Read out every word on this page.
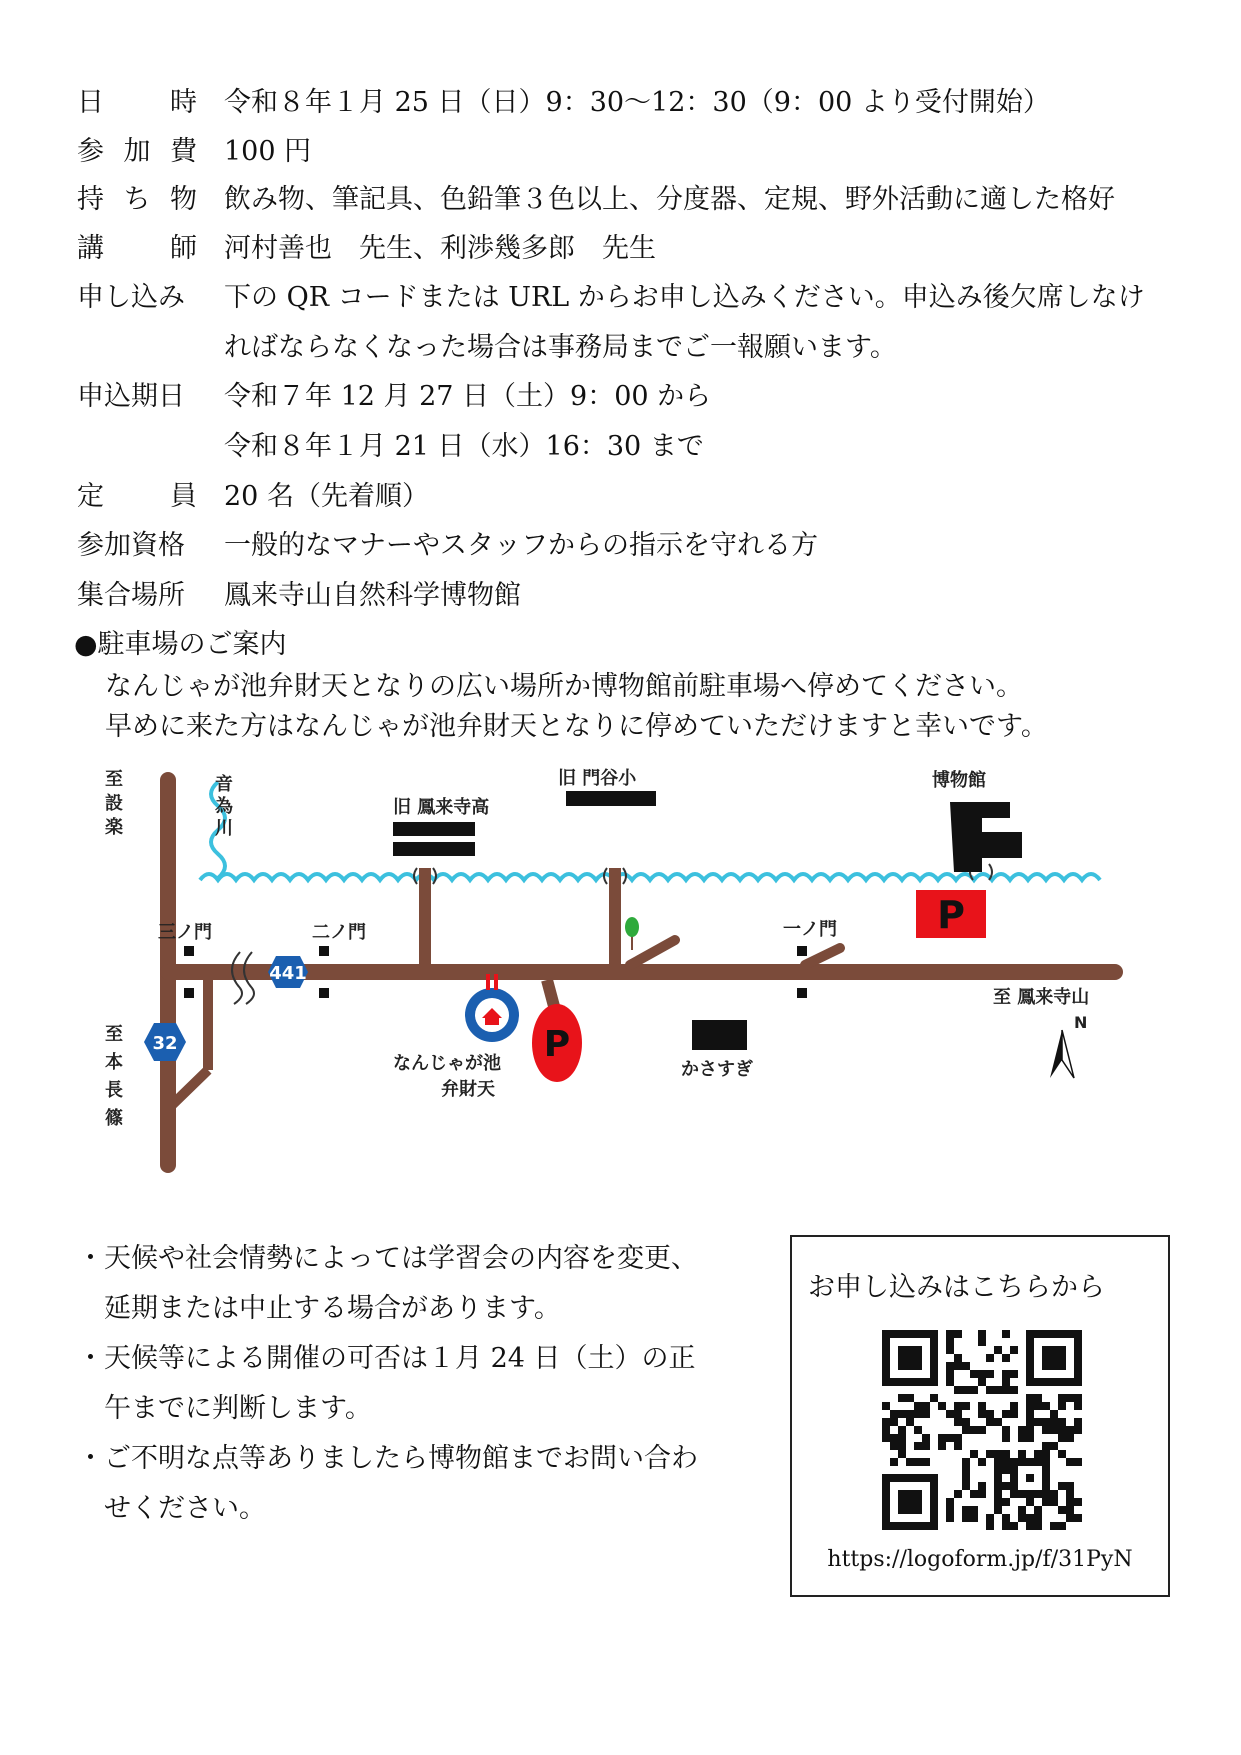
日 時 令和８年１月 25 日（日）9：30～12：30（9：00 より受付開始）
参 加 費 100 円
持 ち 物 飲み物、筆記具、色鉛筆３色以上、分度器、定規、野外活動に適した格好
講 師 河村善也　先生、利渉幾多郎　先生
申し込み 下の QR コードまたは URL からお申し込みください。申込み後欠席しなけ
ればならなくなった場合は事務局までご一報願います。
申込期日 令和７年 12 月 27 日（土）9：00 から
令和８年１月 21 日（水）16：30 まで
定 員 20 名（先着順）
参加資格 一般的なマナーやスタッフからの指示を守れる方
集合場所 鳳来寺山自然科学博物館
●駐車場のご案内
なんじゃが池弁財天となりの広い場所か博物館前駐車場へ停めてください。
早めに来た方はなんじゃが池弁財天となりに停めていただけますと幸いです。
441
32	P
P
N
至設楽
音為川
至本長篠
旧 鳳来寺高
旧 門谷小	博物館
三ノ門	二ノ門	一ノ門
至 鳳来寺山
なんじゃが池
弁財天
かさすぎ
・天候や社会情勢によっては学習会の内容を変更、
　延期または中止する場合があります。
・天候等による開催の可否は１月 24 日（土）の正
　午までに判断します。
・ご不明な点等ありましたら博物館までお問い合わ
　せください。
お申し込みはこちらから
https://logoform.jp/f/31PyN
